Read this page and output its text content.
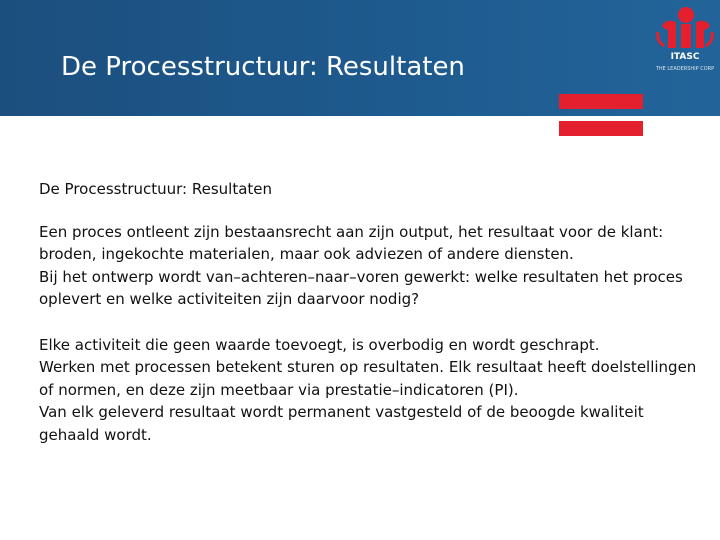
De Processtructuur: Resultaten	ITASC
THE LEADERSHIP CORP

De Processtructuur: Resultaten

Een proces ontleent zijn bestaansrecht aan zijn output, het resultaat voor de klant: broden, ingekochte materialen, maar ook adviezen of andere diensten.

Bij het ontwerp wordt van–achteren–naar–voren gewerkt: welke resultaten het proces oplevert en welke activiteiten zijn daarvoor nodig?

Elke activiteit die geen waarde toevoegt, is overbodig en wordt geschrapt.

Werken met processen betekent sturen op resultaten. Elk resultaat heeft doelstellingen of normen, en deze zijn meetbaar via prestatie–indicatoren (PI).

Van elk geleverd resultaat wordt permanent vastgesteld of de beoogde kwaliteit gehaald wordt.
